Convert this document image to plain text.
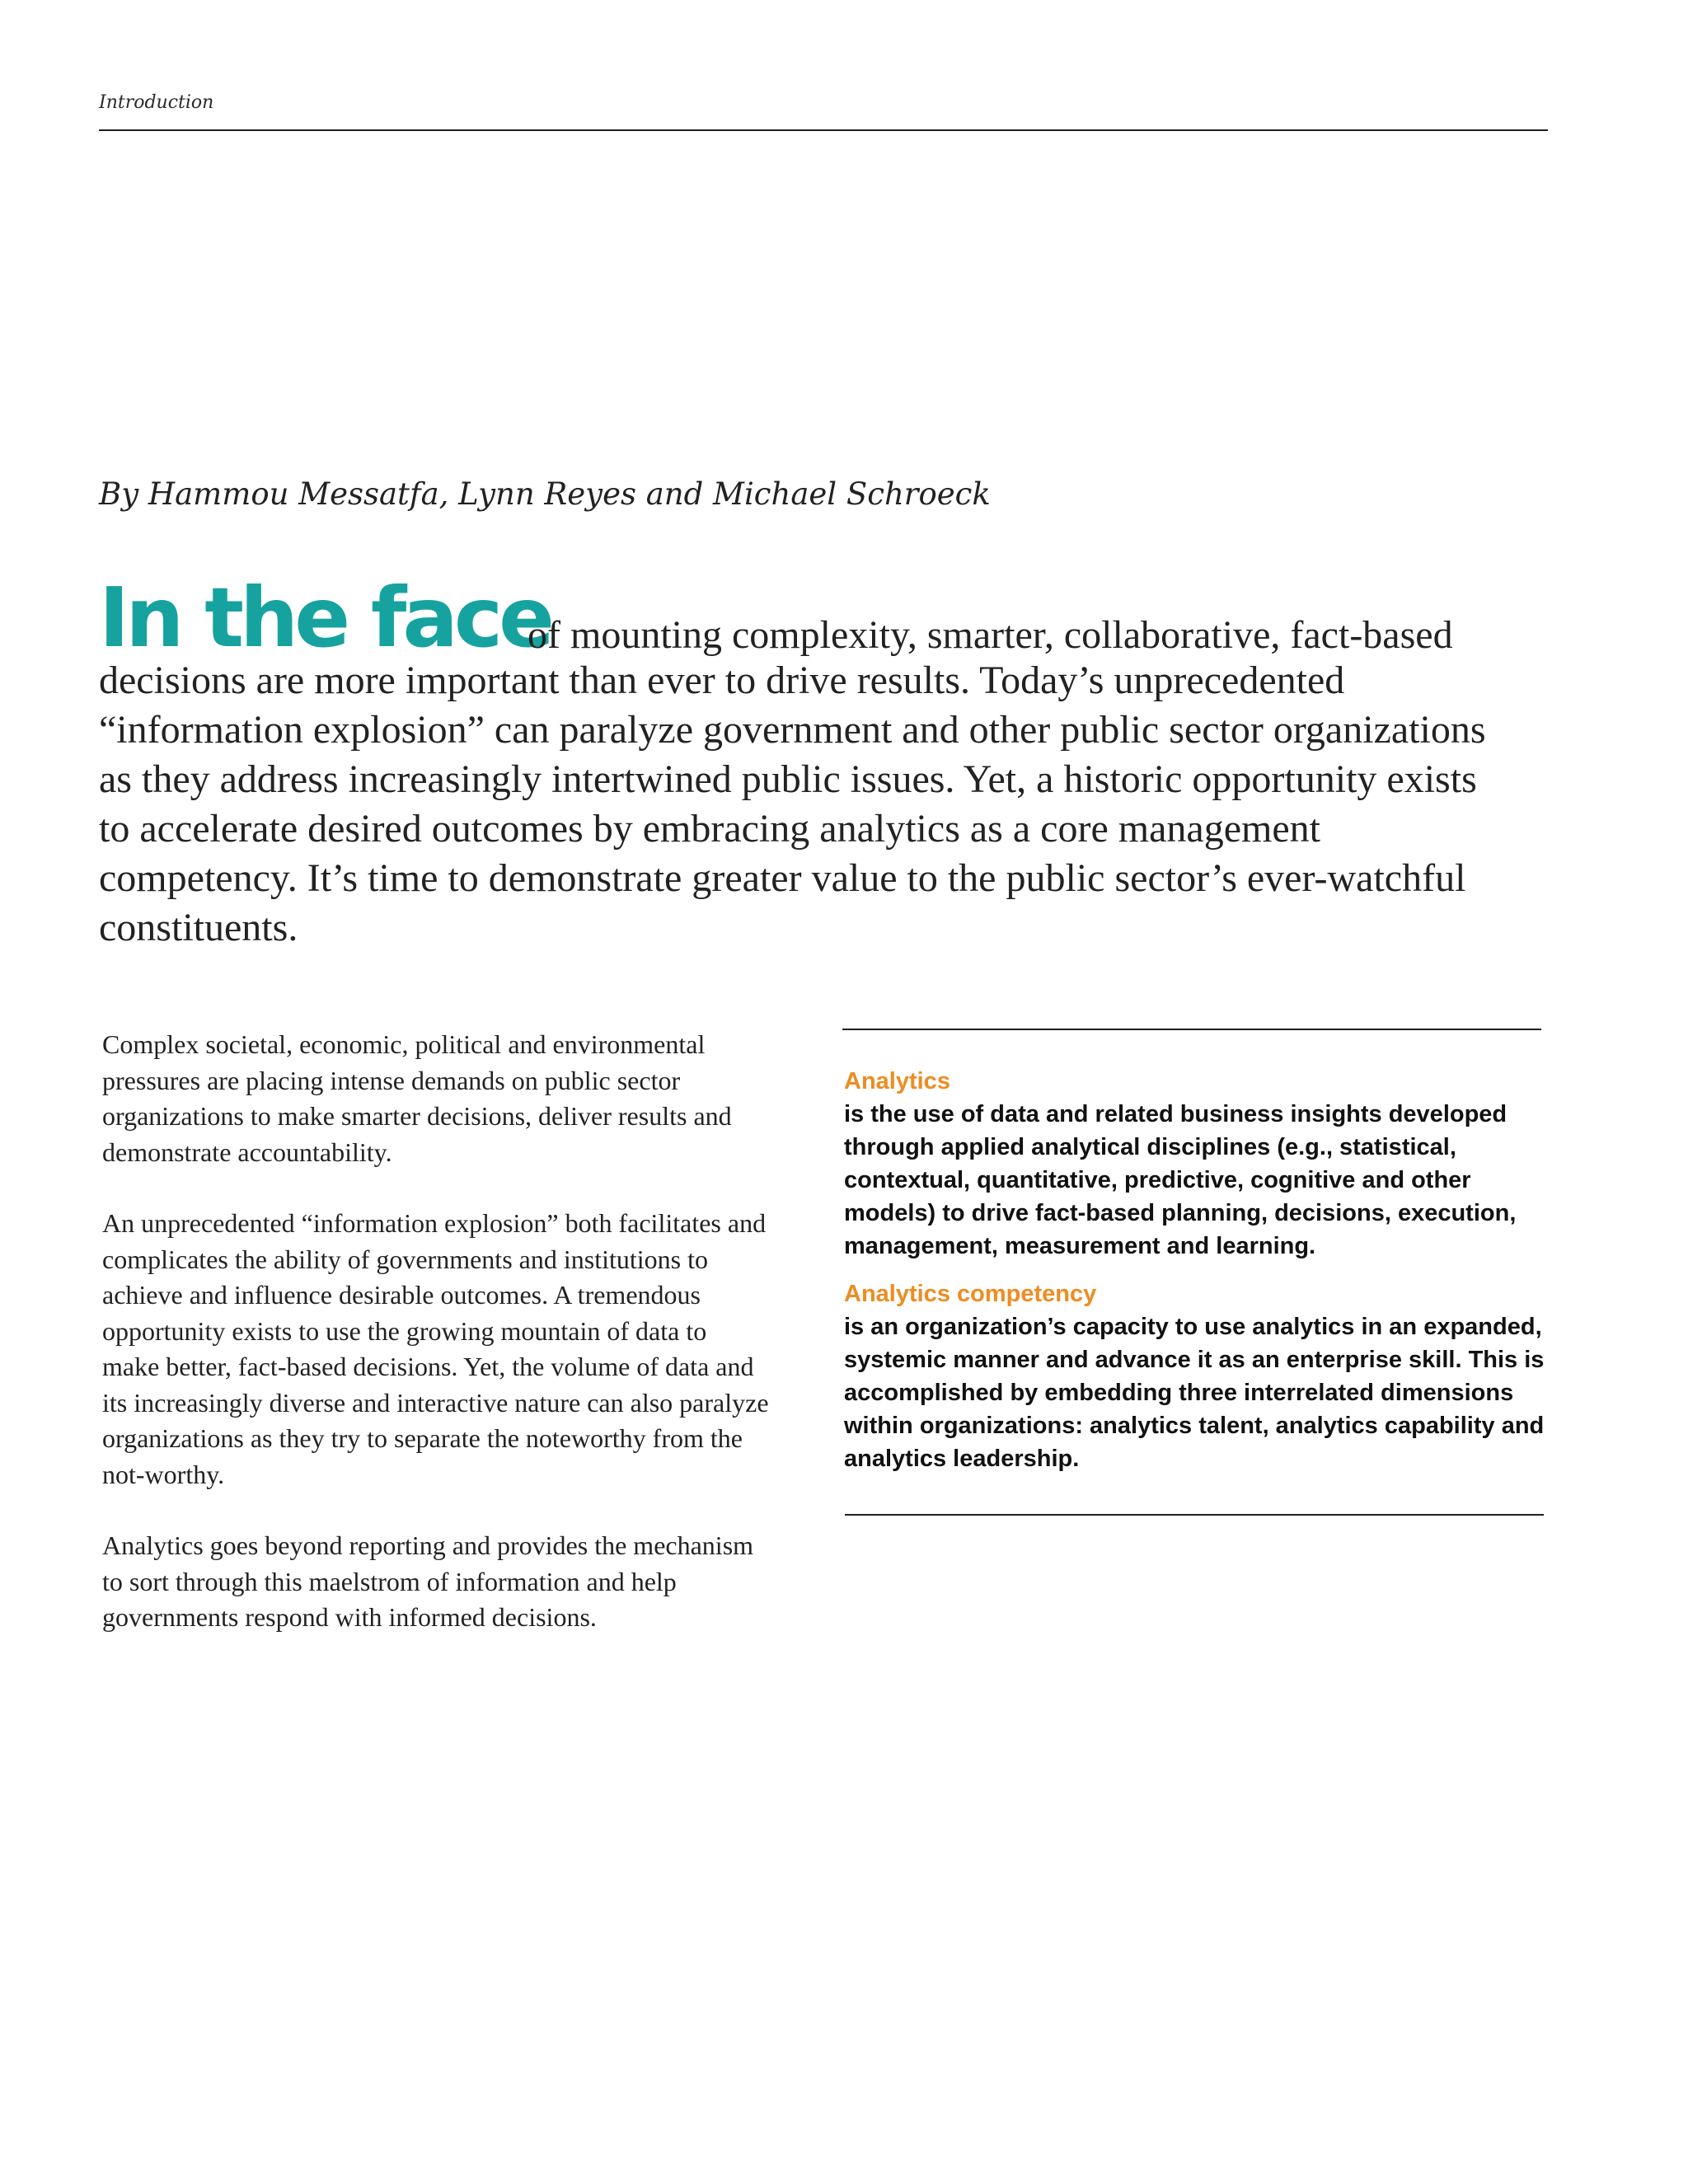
Introduction
By Hammou Messatfa, Lynn Reyes and Michael Schroeck
In the face
of mounting complexity, smarter, collaborative, fact-based
decisions are more important than ever to drive results. Today’s unprecedented
“information explosion” can paralyze government and other public sector organizations
as they address increasingly intertwined public issues. Yet, a historic opportunity exists
to accelerate desired outcomes by embracing analytics as a core management
competency. It’s time to demonstrate greater value to the public sector’s ever-watchful
constituents.

Complex societal, economic, political and environmental
pressures are placing intense demands on public sector
organizations to make smarter decisions, deliver results and
demonstrate accountability.

An unprecedented “information explosion” both facilitates and
complicates the ability of governments and institutions to
achieve and influence desirable outcomes. A tremendous
opportunity exists to use the growing mountain of data to
make better, fact-based decisions. Yet, the volume of data and
its increasingly diverse and interactive nature can also paralyze
organizations as they try to separate the noteworthy from the
not-worthy.

Analytics goes beyond reporting and provides the mechanism
to sort through this maelstrom of information and help
governments respond with informed decisions.

Analytics
is the use of data and related business insights developed
through applied analytical disciplines (e.g., statistical,
contextual, quantitative, predictive, cognitive and other
models) to drive fact-based planning, decisions, execution,
management, measurement and learning.
Analytics competency
is an organization’s capacity to use analytics in an expanded,
systemic manner and advance it as an enterprise skill. This is
accomplished by embedding three interrelated dimensions
within organizations: analytics talent, analytics capability and
analytics leadership.
